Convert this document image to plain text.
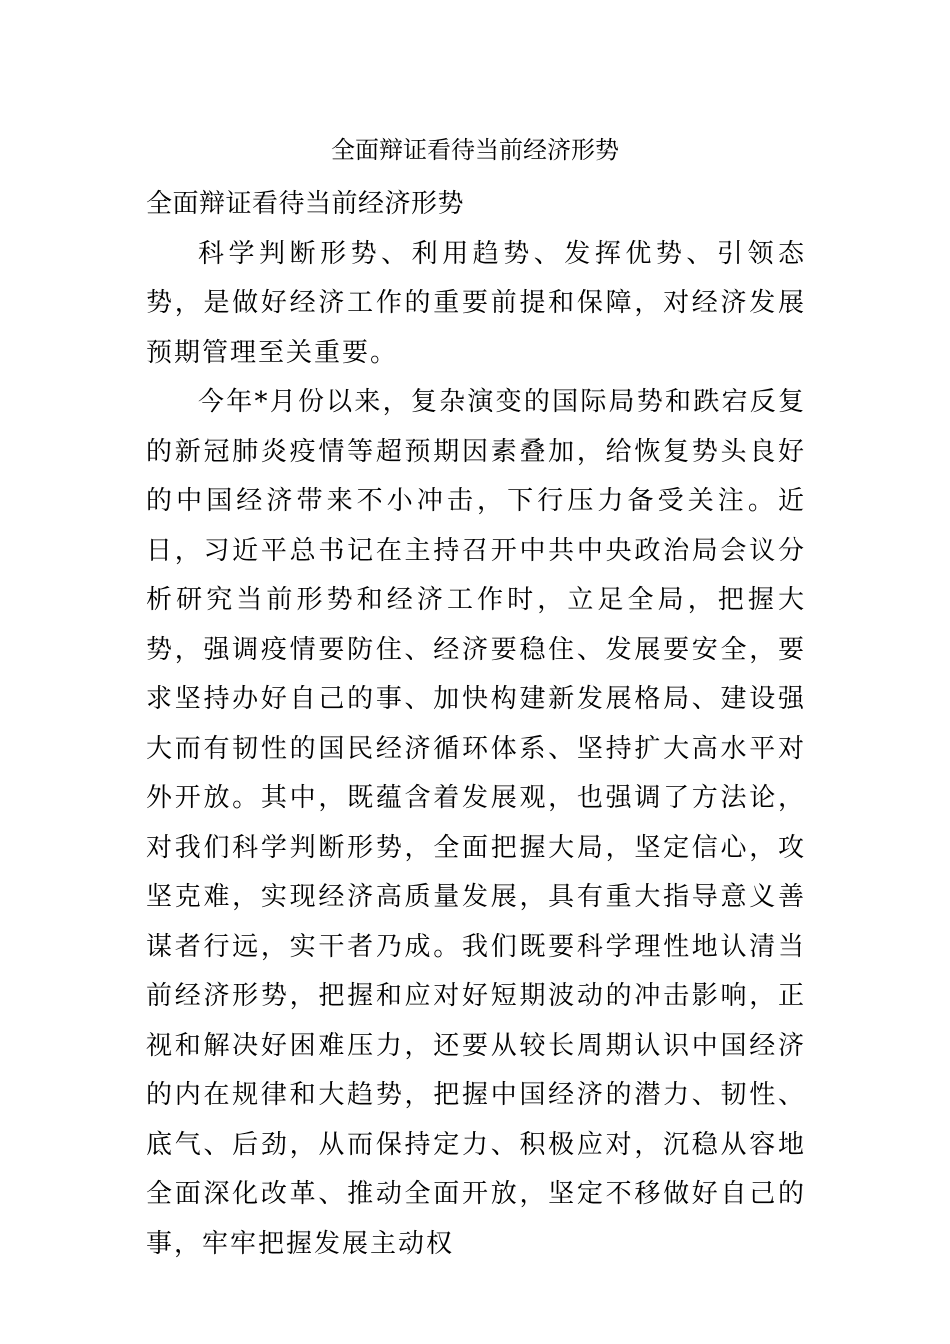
全面辩证看待当前经济形势

全面辩证看待当前经济形势

科学判断形势、利用趋势、发挥优势、引领态势，是做好经济工作的重要前提和保障，对经济发展预期管理至关重要。

今年*月份以来，复杂演变的国际局势和跌宕反复的新冠肺炎疫情等超预期因素叠加，给恢复势头良好的中国经济带来不小冲击，下行压力备受关注。近日，习近平总书记在主持召开中共中央政治局会议分析研究当前形势和经济工作时，立足全局，把握大势，强调疫情要防住、经济要稳住、发展要安全，要求坚持办好自己的事、加快构建新发展格局、建设强大而有韧性的国民经济循环体系、坚持扩大高水平对外开放。其中，既蕴含着发展观，也强调了方法论，对我们科学判断形势，全面把握大局，坚定信心，攻坚克难，实现经济高质量发展，具有重大指导意义善谋者行远，实干者乃成。我们既要科学理性地认清当前经济形势，把握和应对好短期波动的冲击影响，正视和解决好困难压力，还要从较长周期认识中国经济的内在规律和大趋势，把握中国经济的潜力、韧性、底气、后劲，从而保持定力、积极应对，沉稳从容地全面深化改革、推动全面开放，坚定不移做好自己的事，牢牢把握发展主动权
